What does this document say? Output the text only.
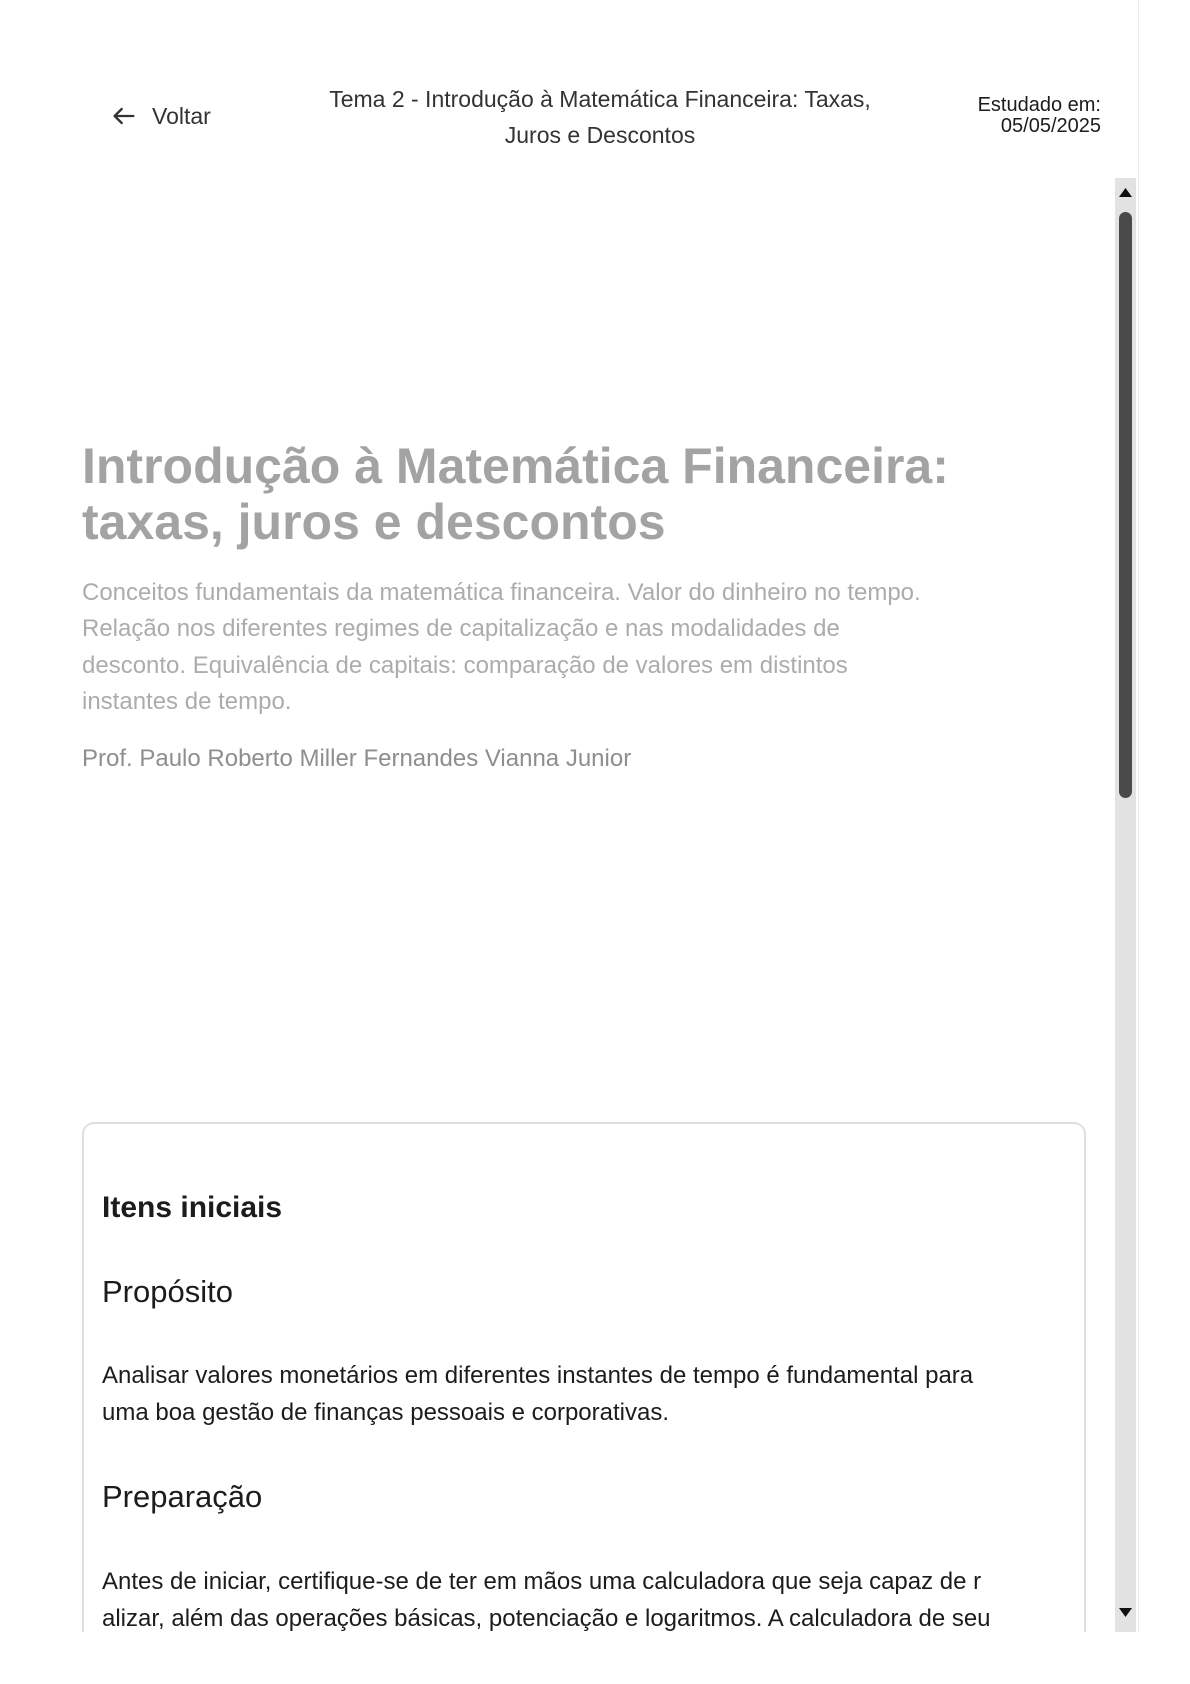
Voltar
Tema 2 - Introdução à Matemática Financeira: Taxas,
Juros e Descontos
Estudado em:
05/05/2025
Introdução à Matemática Financeira:
taxas, juros e descontos
Conceitos fundamentais da matemática financeira. Valor do dinheiro no tempo.
Relação nos diferentes regimes de capitalização e nas modalidades de
desconto. Equivalência de capitais: comparação de valores em distintos
instantes de tempo.
Prof. Paulo Roberto Miller Fernandes Vianna Junior
Itens iniciais
Propósito
Analisar valores monetários em diferentes instantes de tempo é fundamental para
uma boa gestão de finanças pessoais e corporativas.
Preparação
Antes de iniciar, certifique-se de ter em mãos uma calculadora que seja capaz de r
alizar, além das operações básicas, potenciação e logaritmos. A calculadora de seu
